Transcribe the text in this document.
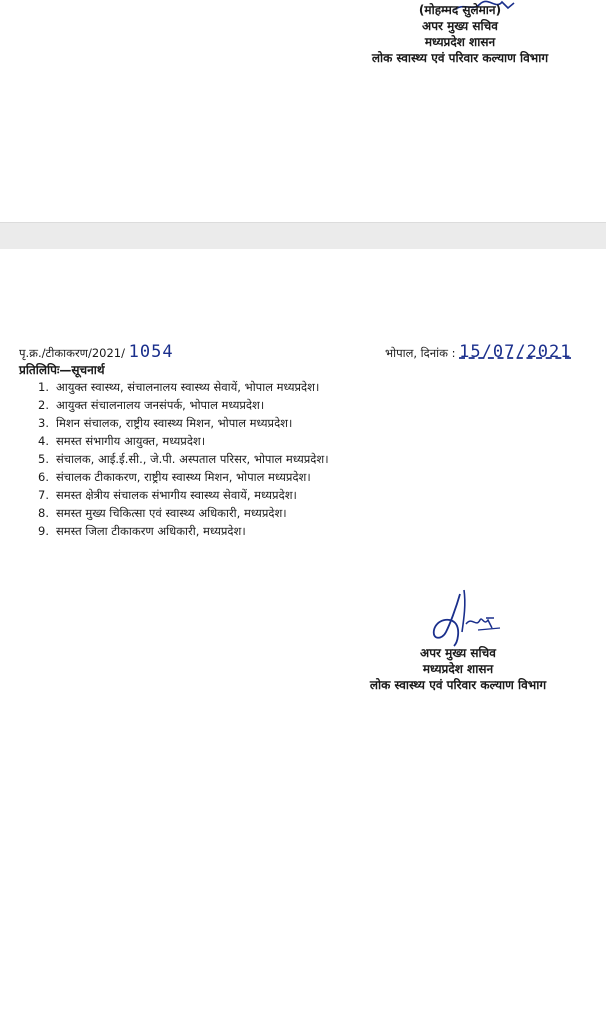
(मोहम्मद सुलेमान)
अपर मुख्य सचिव
मध्यप्रदेश शासन
लोक स्वास्थ्य एवं परिवार कल्याण विभाग
पृ.क्र./टीकाकरण/2021/ 1054	भोपाल, दिनांक : 15/07/2021
प्रतिलिपिः—सूचनार्थ
1. आयुक्त स्वास्थ्य, संचालनालय स्वास्थ्य सेवायें, भोपाल मध्यप्रदेश।
2. आयुक्त संचालनालय जनसंपर्क, भोपाल मध्यप्रदेश।
3. मिशन संचालक, राष्ट्रीय स्वास्थ्य मिशन, भोपाल मध्यप्रदेश।
4. समस्त संभागीय आयुक्त, मध्यप्रदेश।
5. संचालक, आई.ई.सी., जे.पी. अस्पताल परिसर, भोपाल मध्यप्रदेश।
6. संचालक टीकाकरण, राष्ट्रीय स्वास्थ्य मिशन, भोपाल मध्यप्रदेश।
7. समस्त क्षेत्रीय संचालक संभागीय स्वास्थ्य सेवायें, मध्यप्रदेश।
8. समस्त मुख्य चिकित्सा एवं स्वास्थ्य अधिकारी, मध्यप्रदेश।
9. समस्त जिला टीकाकरण अधिकारी, मध्यप्रदेश।
अपर मुख्य सचिव
मध्यप्रदेश शासन
लोक स्वास्थ्य एवं परिवार कल्याण विभाग
